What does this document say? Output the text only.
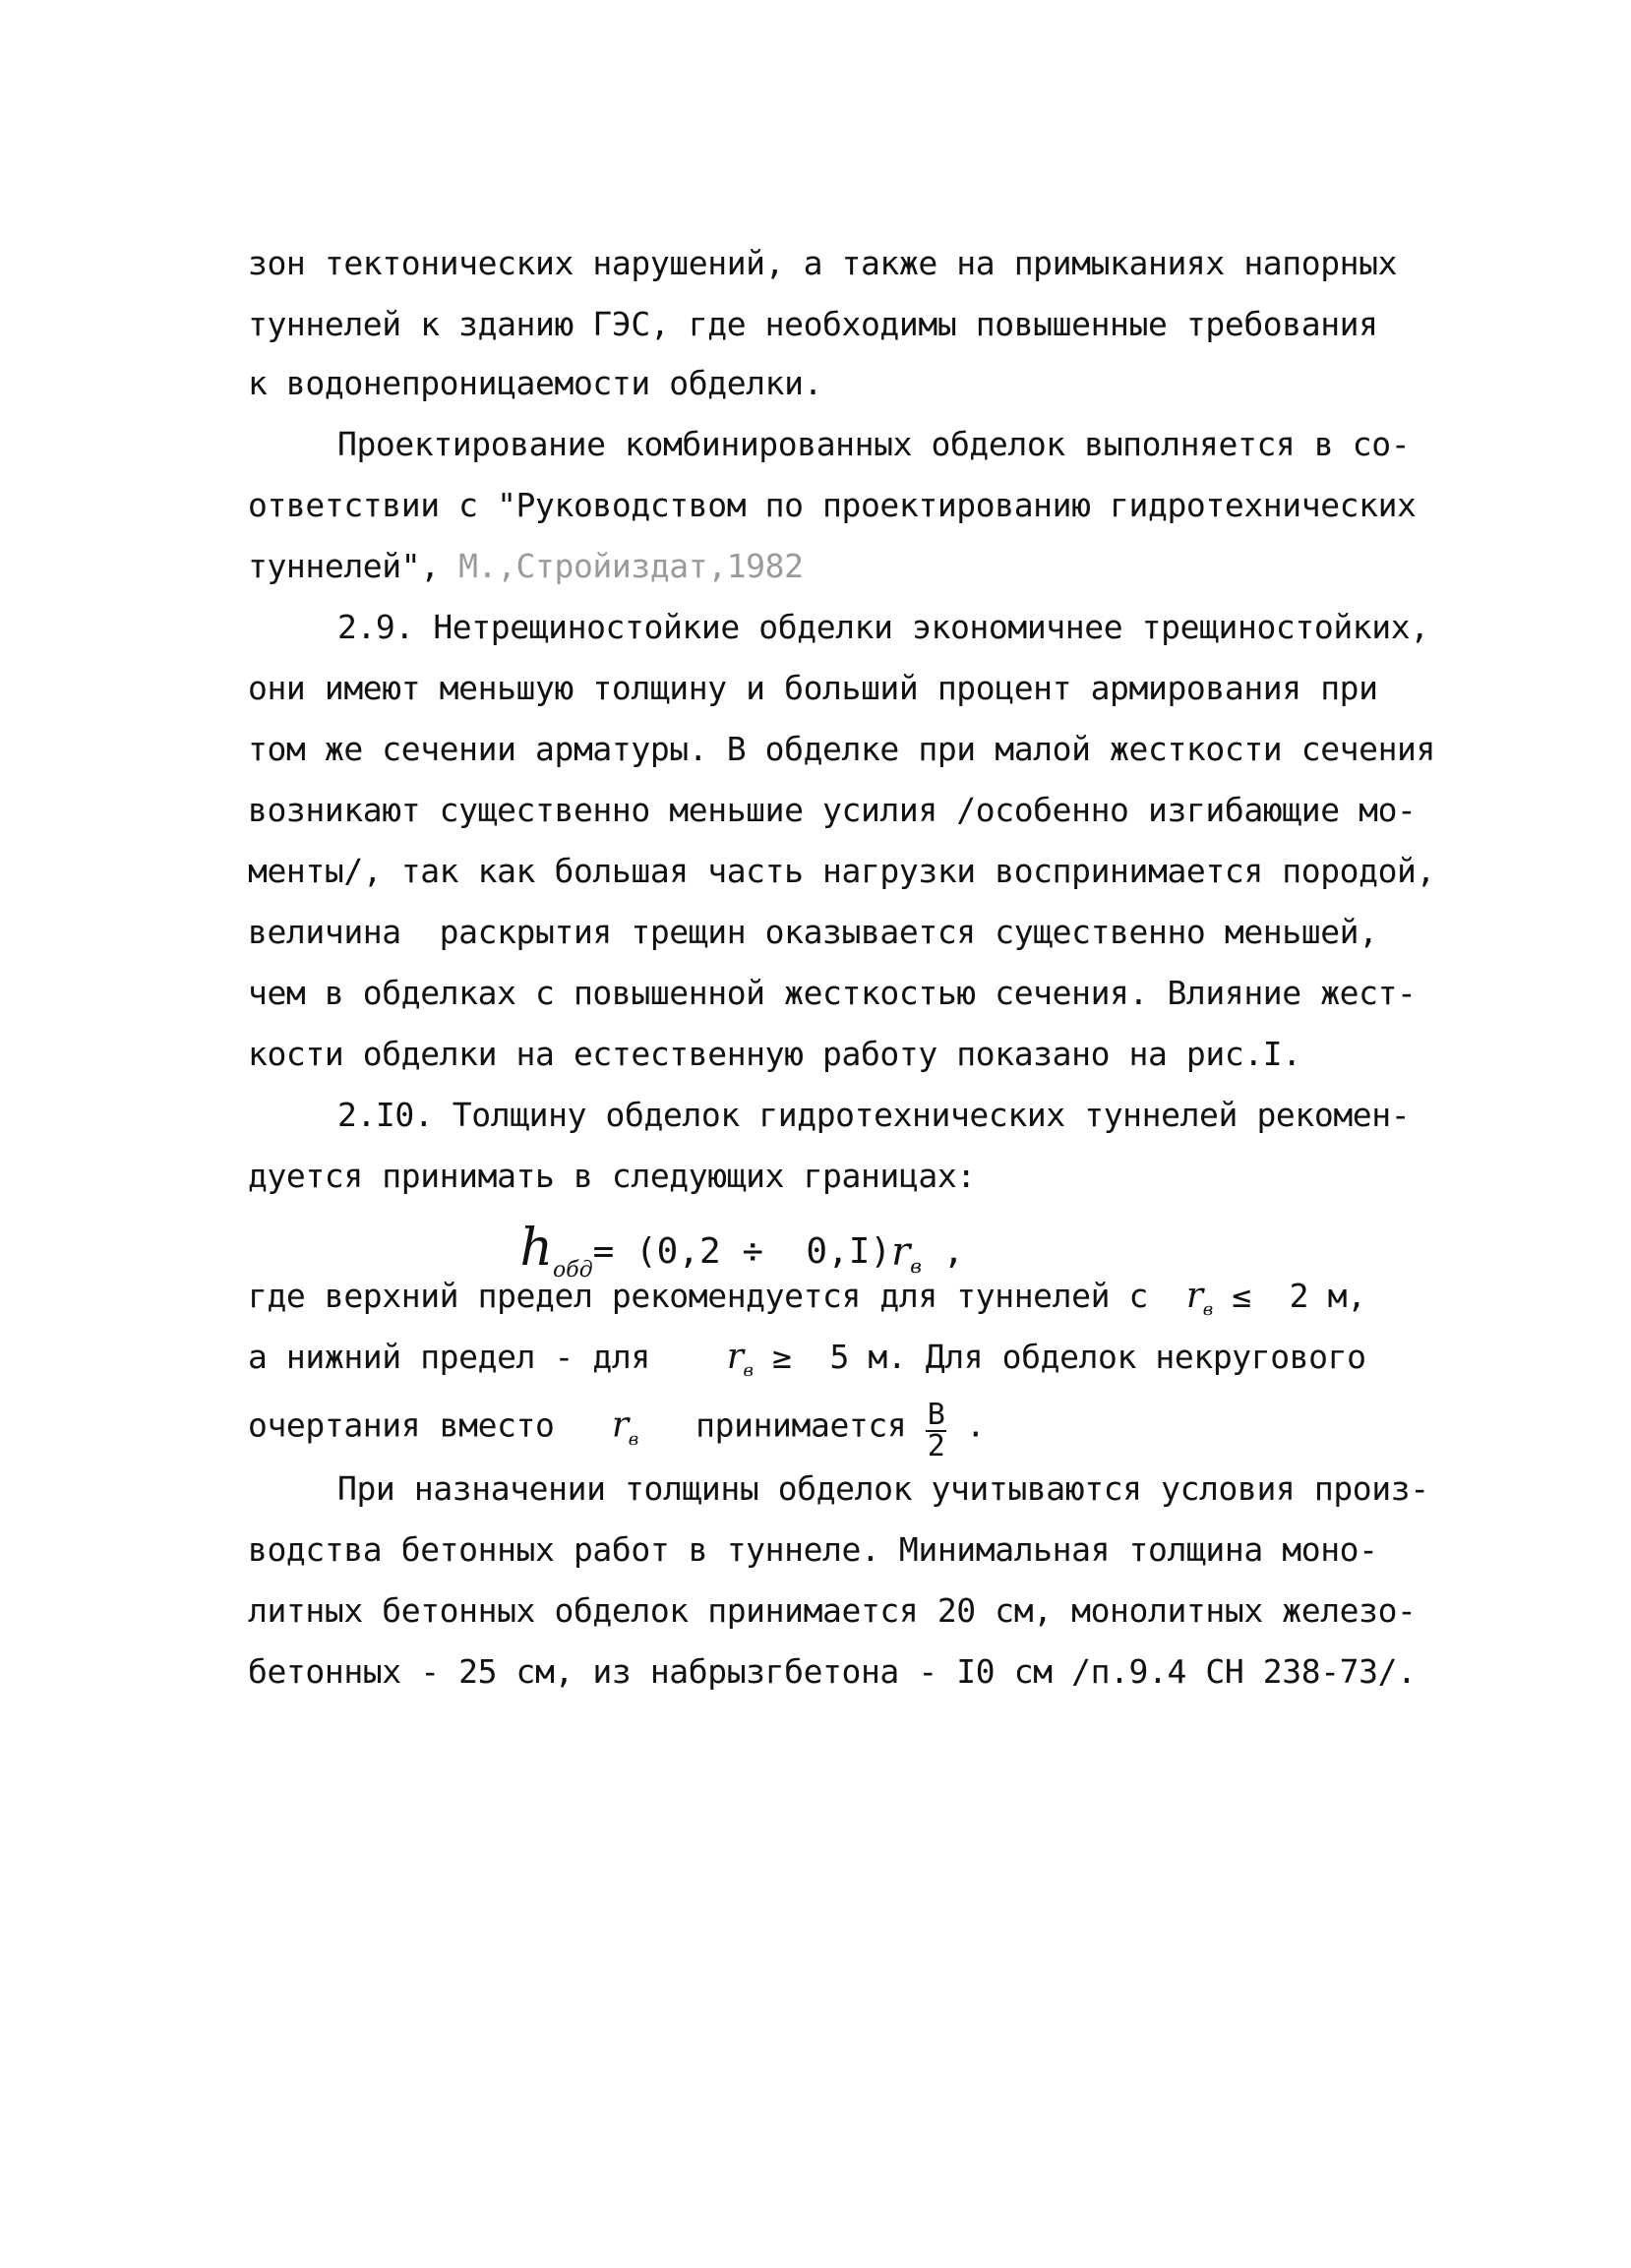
зон тектонических нарушений, а также на примыканиях напорных
туннелей к зданию ГЭС, где необходимы повышенные требования
к водонепроницаемости обделки.
Проектирование комбинированных обделок выполняется в со-
ответствии с "Руководством по проектированию гидротехнических
туннелей", М.,Стройиздат,1982
2.9. Нетрещиностойкие обделки экономичнее трещиностойких,
они имеют меньшую толщину и больший процент армирования при
том же сечении арматуры. В обделке при малой жесткости сечения
возникают существенно меньшие усилия /особенно изгибающие мо-
менты/, так как большая часть нагрузки воспринимается породой,
величина  раскрытия трещин оказывается существенно меньшей,
чем в обделках с повышенной жесткостью сечения. Влияние жест-
кости обделки на естественную работу показано на рис.I.
2.I0. Толщину обделок гидротехнических туннелей рекомен-
дуется принимать в следующих границах:

hобд= (0,2 ÷  0,I)rв ,

где верхний предел рекомендуется для туннелей с  $r_в \le 2$ м,
а нижний предел - для    $r_в \ge 5$ м. Для обделок некругового
очертания вместо   $r_в$   принимается $\frac{B}{2}$ .
При назначении толщины обделок учитываются условия произ-
водства бетонных работ в туннеле. Минимальная толщина моно-
литных бетонных обделок принимается 20 см, монолитных железо-
бетонных - 25 см, из набрызгбетона - I0 см /п.9.4 СН 238-73/.
